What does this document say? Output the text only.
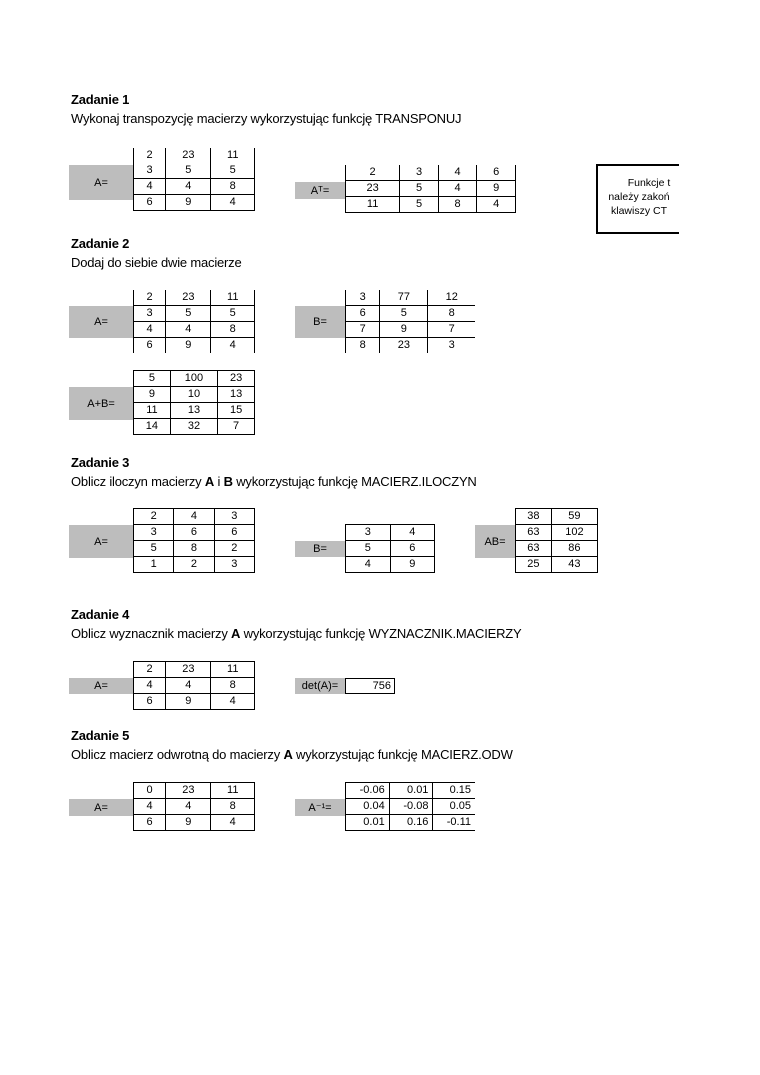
Zadanie 1
Wykonaj transpozycję macierzy wykorzystując funkcję TRANSPONUJ
A=
2	23	11
3	5	5
4	4	8
6	9	4
Aᵀ=
2	3	4	6
23	5	4	9
11	5	8	4
Funkcje t
należy zakoń
klawiszy CT
Zadanie 2
Dodaj do siebie dwie macierze
A=
2	23	11
3	5	5
4	4	8
6	9	4
B=
3	77	12
6	5	8
7	9	7
8	23	3
A+B=
5	100	23
9	10	13
11	13	15
14	32	7
Zadanie 3
Oblicz iloczyn macierzy A i B wykorzystując funkcję MACIERZ.ILOCZYN
A=
2	4	3
3	6	6
5	8	2
1	2	3
B=
3	4
5	6
4	9
AB=
38	59
63	102
63	86
25	43
Zadanie 4
Oblicz wyznacznik macierzy A wykorzystując funkcję WYZNACZNIK.MACIERZY
A=
2	23	11
4	4	8
6	9	4
det(A)=	756
Zadanie 5
Oblicz macierz odwrotną do macierzy A wykorzystując funkcję MACIERZ.ODW
A=
0	23	11
4	4	8
6	9	4
A⁻¹=
-0.06	0.01	0.15
0.04	-0.08	0.05
0.01	0.16	-0.11
